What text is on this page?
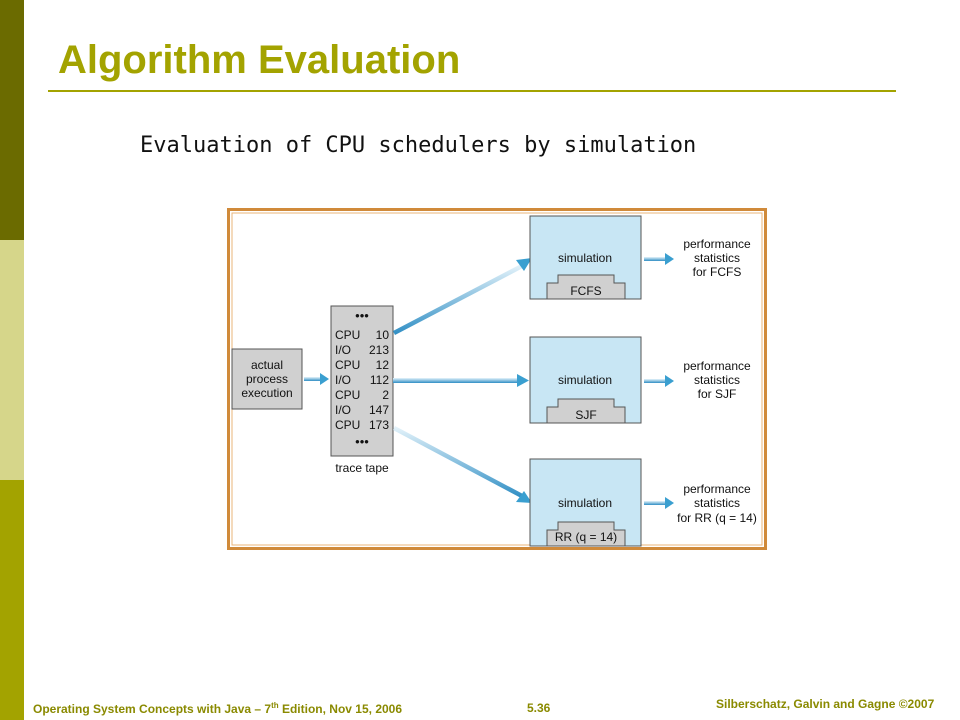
Algorithm Evaluation
Evaluation of CPU schedulers by simulation
actual
process
execution
•••
CPU 10
I/O 213
CPU 12
I/O 112
CPU 2
I/O 147
CPU 173
•••
trace tape
simulation
FCFS
simulation
SJF
simulation
RR (q = 14)
performance
statistics
for FCFS
performance
statistics
for SJF
performance
statistics
for RR (q = 14)
Operating System Concepts with Java – 7th Edition, Nov 15, 2006	5.36	Silberschatz, Galvin and Gagne ©2007
